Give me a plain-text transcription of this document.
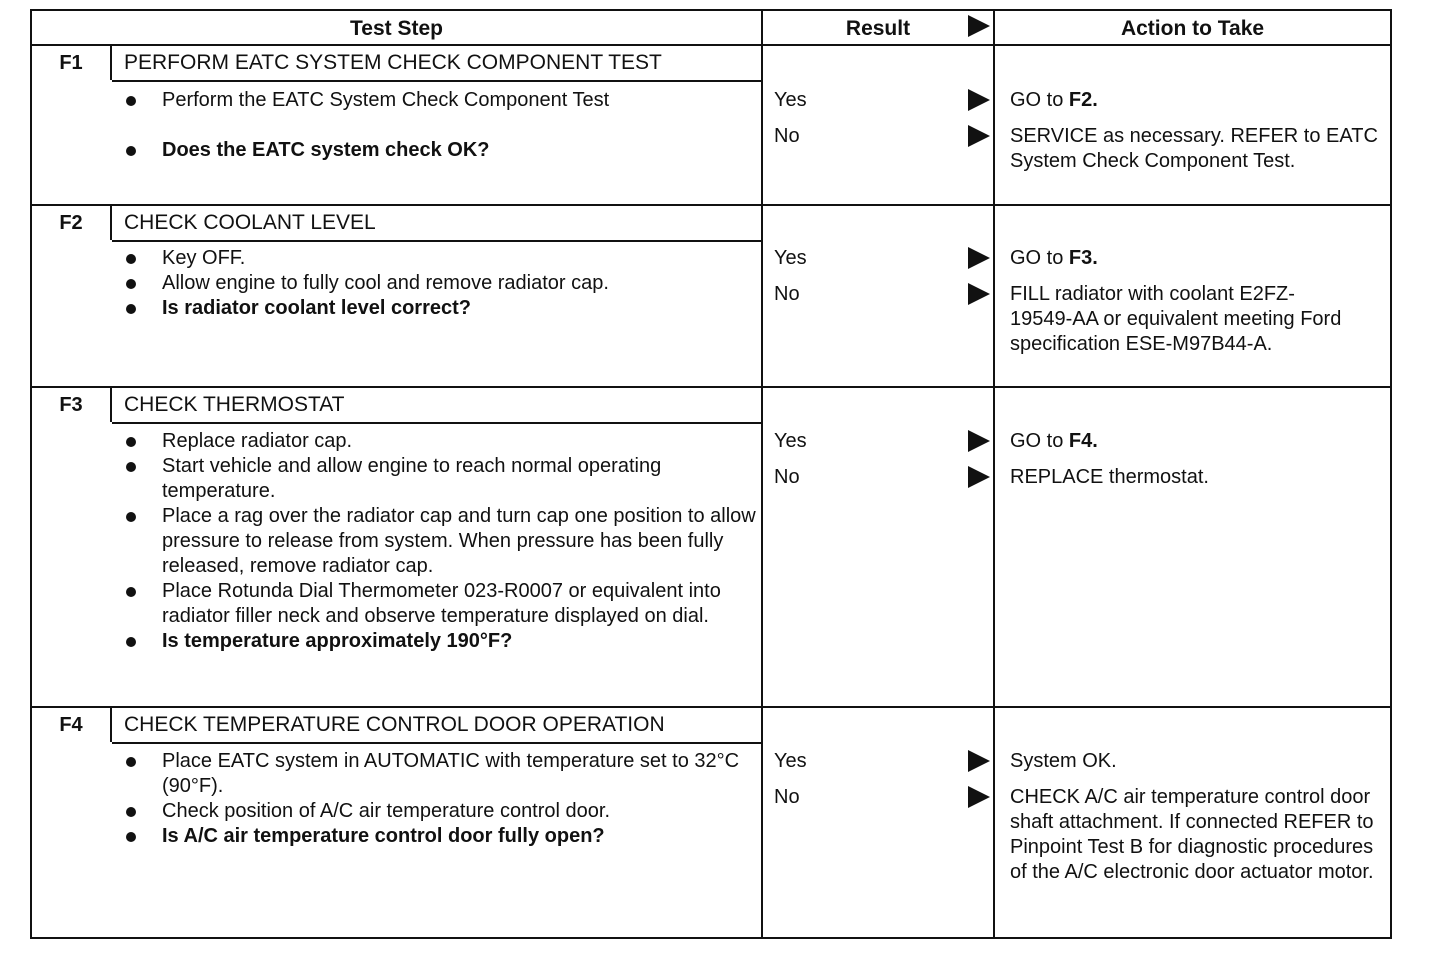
Test Step	Result	Action to Take
F1	PERFORM EATC SYSTEM CHECK COMPONENT TEST
Perform the EATC System Check Component Test
Does the EATC system check OK?
Yes	GO to F2.
No	SERVICE as necessary. REFER to EATC System Check Component Test.
F2	CHECK COOLANT LEVEL
Key OFF.
Allow engine to fully cool and remove radiator cap.
Is radiator coolant level correct?
Yes	GO to F3.
No	FILL radiator with coolant E2FZ-19549-AA or equivalent meeting Ford specification ESE-M97B44-A.
F3	CHECK THERMOSTAT
Replace radiator cap.
Start vehicle and allow engine to reach normal operating temperature.
Place a rag over the radiator cap and turn cap one position to allow pressure to release from system. When pressure has been fully released, remove radiator cap.
Place Rotunda Dial Thermometer 023-R0007 or equivalent into radiator filler neck and observe temperature displayed on dial.
Is temperature approximately 190°F?
Yes	GO to F4.
No	REPLACE thermostat.
F4	CHECK TEMPERATURE CONTROL DOOR OPERATION
Place EATC system in AUTOMATIC with temperature set to 32°C (90°F).
Check position of A/C air temperature control door.
Is A/C air temperature control door fully open?
Yes	System OK.
No	CHECK A/C air temperature control door shaft attachment. If connected REFER to Pinpoint Test B for diagnostic procedures of the A/C electronic door actuator motor.
